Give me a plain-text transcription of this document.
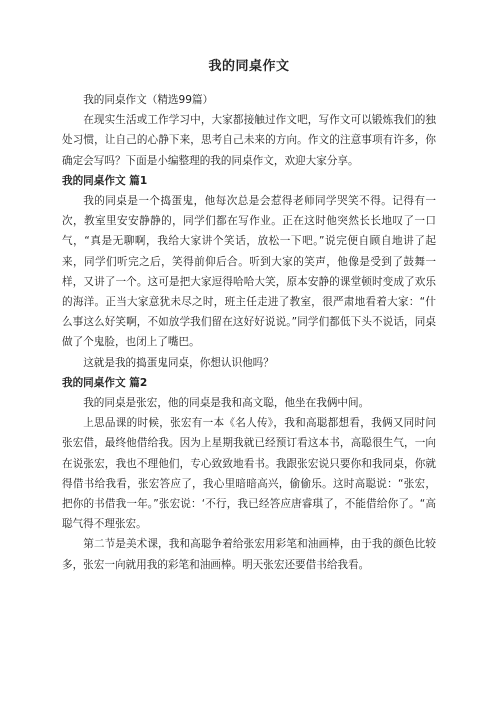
我的同桌作文

我的同桌作文（精选99篇）

在现实生活或工作学习中，大家都接触过作文吧，写作文可以锻炼我们的独处习惯，让自己的心静下来，思考自己未来的方向。作文的注意事项有许多，你确定会写吗？下面是小编整理的我的同桌作文，欢迎大家分享。

我的同桌作文 篇1

我的同桌是一个捣蛋鬼，他每次总是会惹得老师同学哭笑不得。记得有一次，教室里安安静静的，同学们都在写作业。正在这时他突然长长地叹了一口气，“真是无聊啊，我给大家讲个笑话，放松一下吧。”说完便自顾自地讲了起来，同学们听完之后，笑得前仰后合。听到大家的笑声，他像是受到了鼓舞一样，又讲了一个。这可是把大家逗得哈哈大笑，原本安静的课堂顿时变成了欢乐的海洋。正当大家意犹未尽之时，班主任走进了教室，很严肃地看着大家：“什么事这么好笑啊，不如放学我们留在这好好说说。”同学们都低下头不说话，同桌做了个鬼脸，也闭上了嘴巴。

这就是我的捣蛋鬼同桌，你想认识他吗？

我的同桌作文 篇2

我的同桌是张宏，他的同桌是我和高文聪，他坐在我俩中间。

上思品课的时候，张宏有一本《名人传》，我和高聪都想看，我俩又同时问张宏借，最终他借给我。因为上星期我就已经预订看这本书，高聪很生气，一向在说张宏，我也不理他们，专心致致地看书。我跟张宏说只要你和我同桌，你就得借书给我看，张宏答应了，我心里暗暗高兴，偷偷乐。这时高聪说：“张宏，把你的书借我一年。”张宏说：‘不行，我已经答应唐睿琪了，不能借给你了。“高聪气得不理张宏。

第二节是美术课，我和高聪争着给张宏用彩笔和油画棒，由于我的颜色比较多，张宏一向就用我的彩笔和油画棒。明天张宏还要借书给我看。
